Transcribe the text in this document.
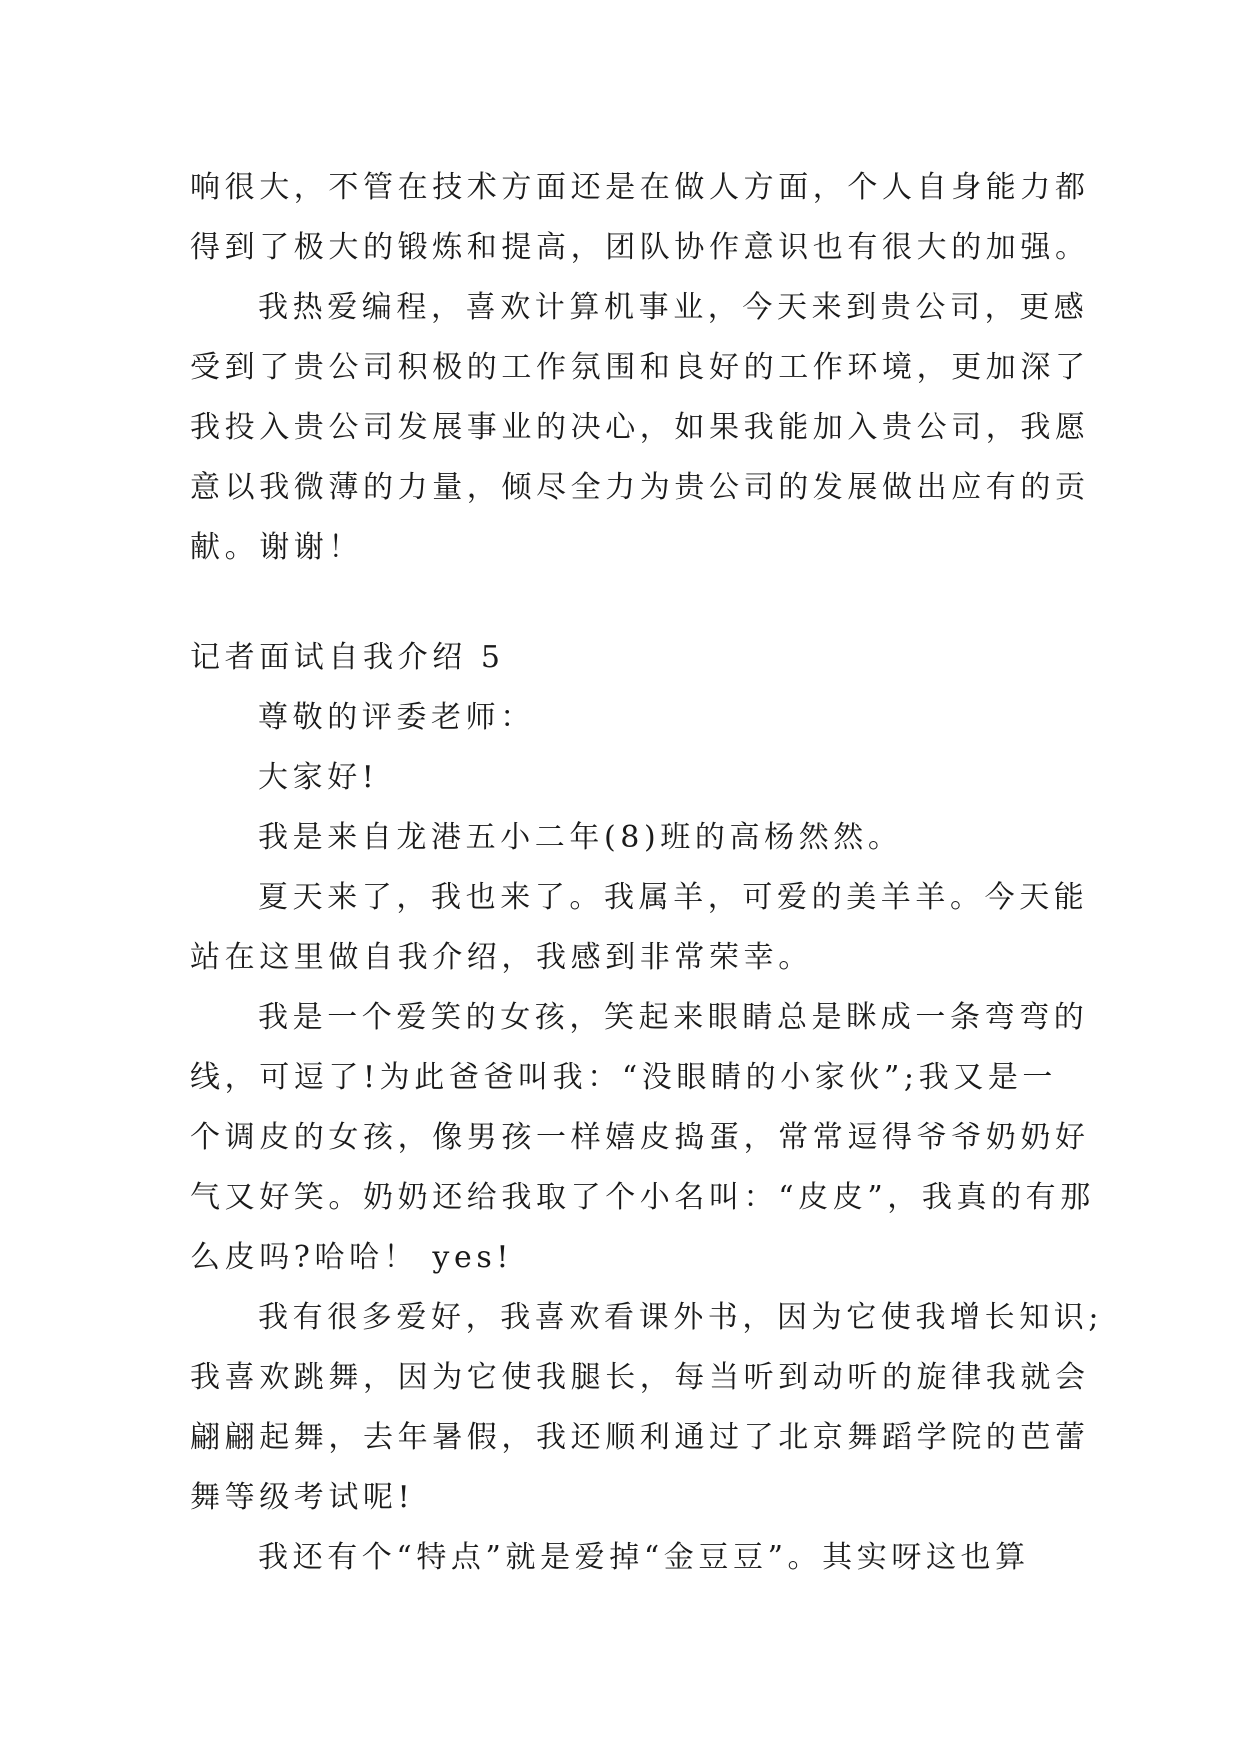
响很大，不管在技术方面还是在做人方面，个人自身能力都
得到了极大的锻炼和提高，团队协作意识也有很大的加强。
我热爱编程，喜欢计算机事业，今天来到贵公司，更感
受到了贵公司积极的工作氛围和良好的工作环境，更加深了
我投入贵公司发展事业的决心，如果我能加入贵公司，我愿
意以我微薄的力量，倾尽全力为贵公司的发展做出应有的贡
献。谢谢！
记者面试自我介绍 5
尊敬的评委老师：
大家好!
我是来自龙港五小二年(8)班的高杨然然。
夏天来了，我也来了。我属羊，可爱的美羊羊。今天能
站在这里做自我介绍，我感到非常荣幸。
我是一个爱笑的女孩，笑起来眼睛总是眯成一条弯弯的
线，可逗了!为此爸爸叫我：“没眼睛的小家伙”;我又是一
个调皮的女孩，像男孩一样嬉皮捣蛋，常常逗得爷爷奶奶好
气又好笑。奶奶还给我取了个小名叫：“皮皮”，我真的有那
么皮吗?哈哈！ yes!
我有很多爱好，我喜欢看课外书，因为它使我增长知识;
我喜欢跳舞，因为它使我腿长，每当听到动听的旋律我就会
翩翩起舞，去年暑假，我还顺利通过了北京舞蹈学院的芭蕾
舞等级考试呢!
我还有个“特点”就是爱掉“金豆豆”。其实呀这也算
